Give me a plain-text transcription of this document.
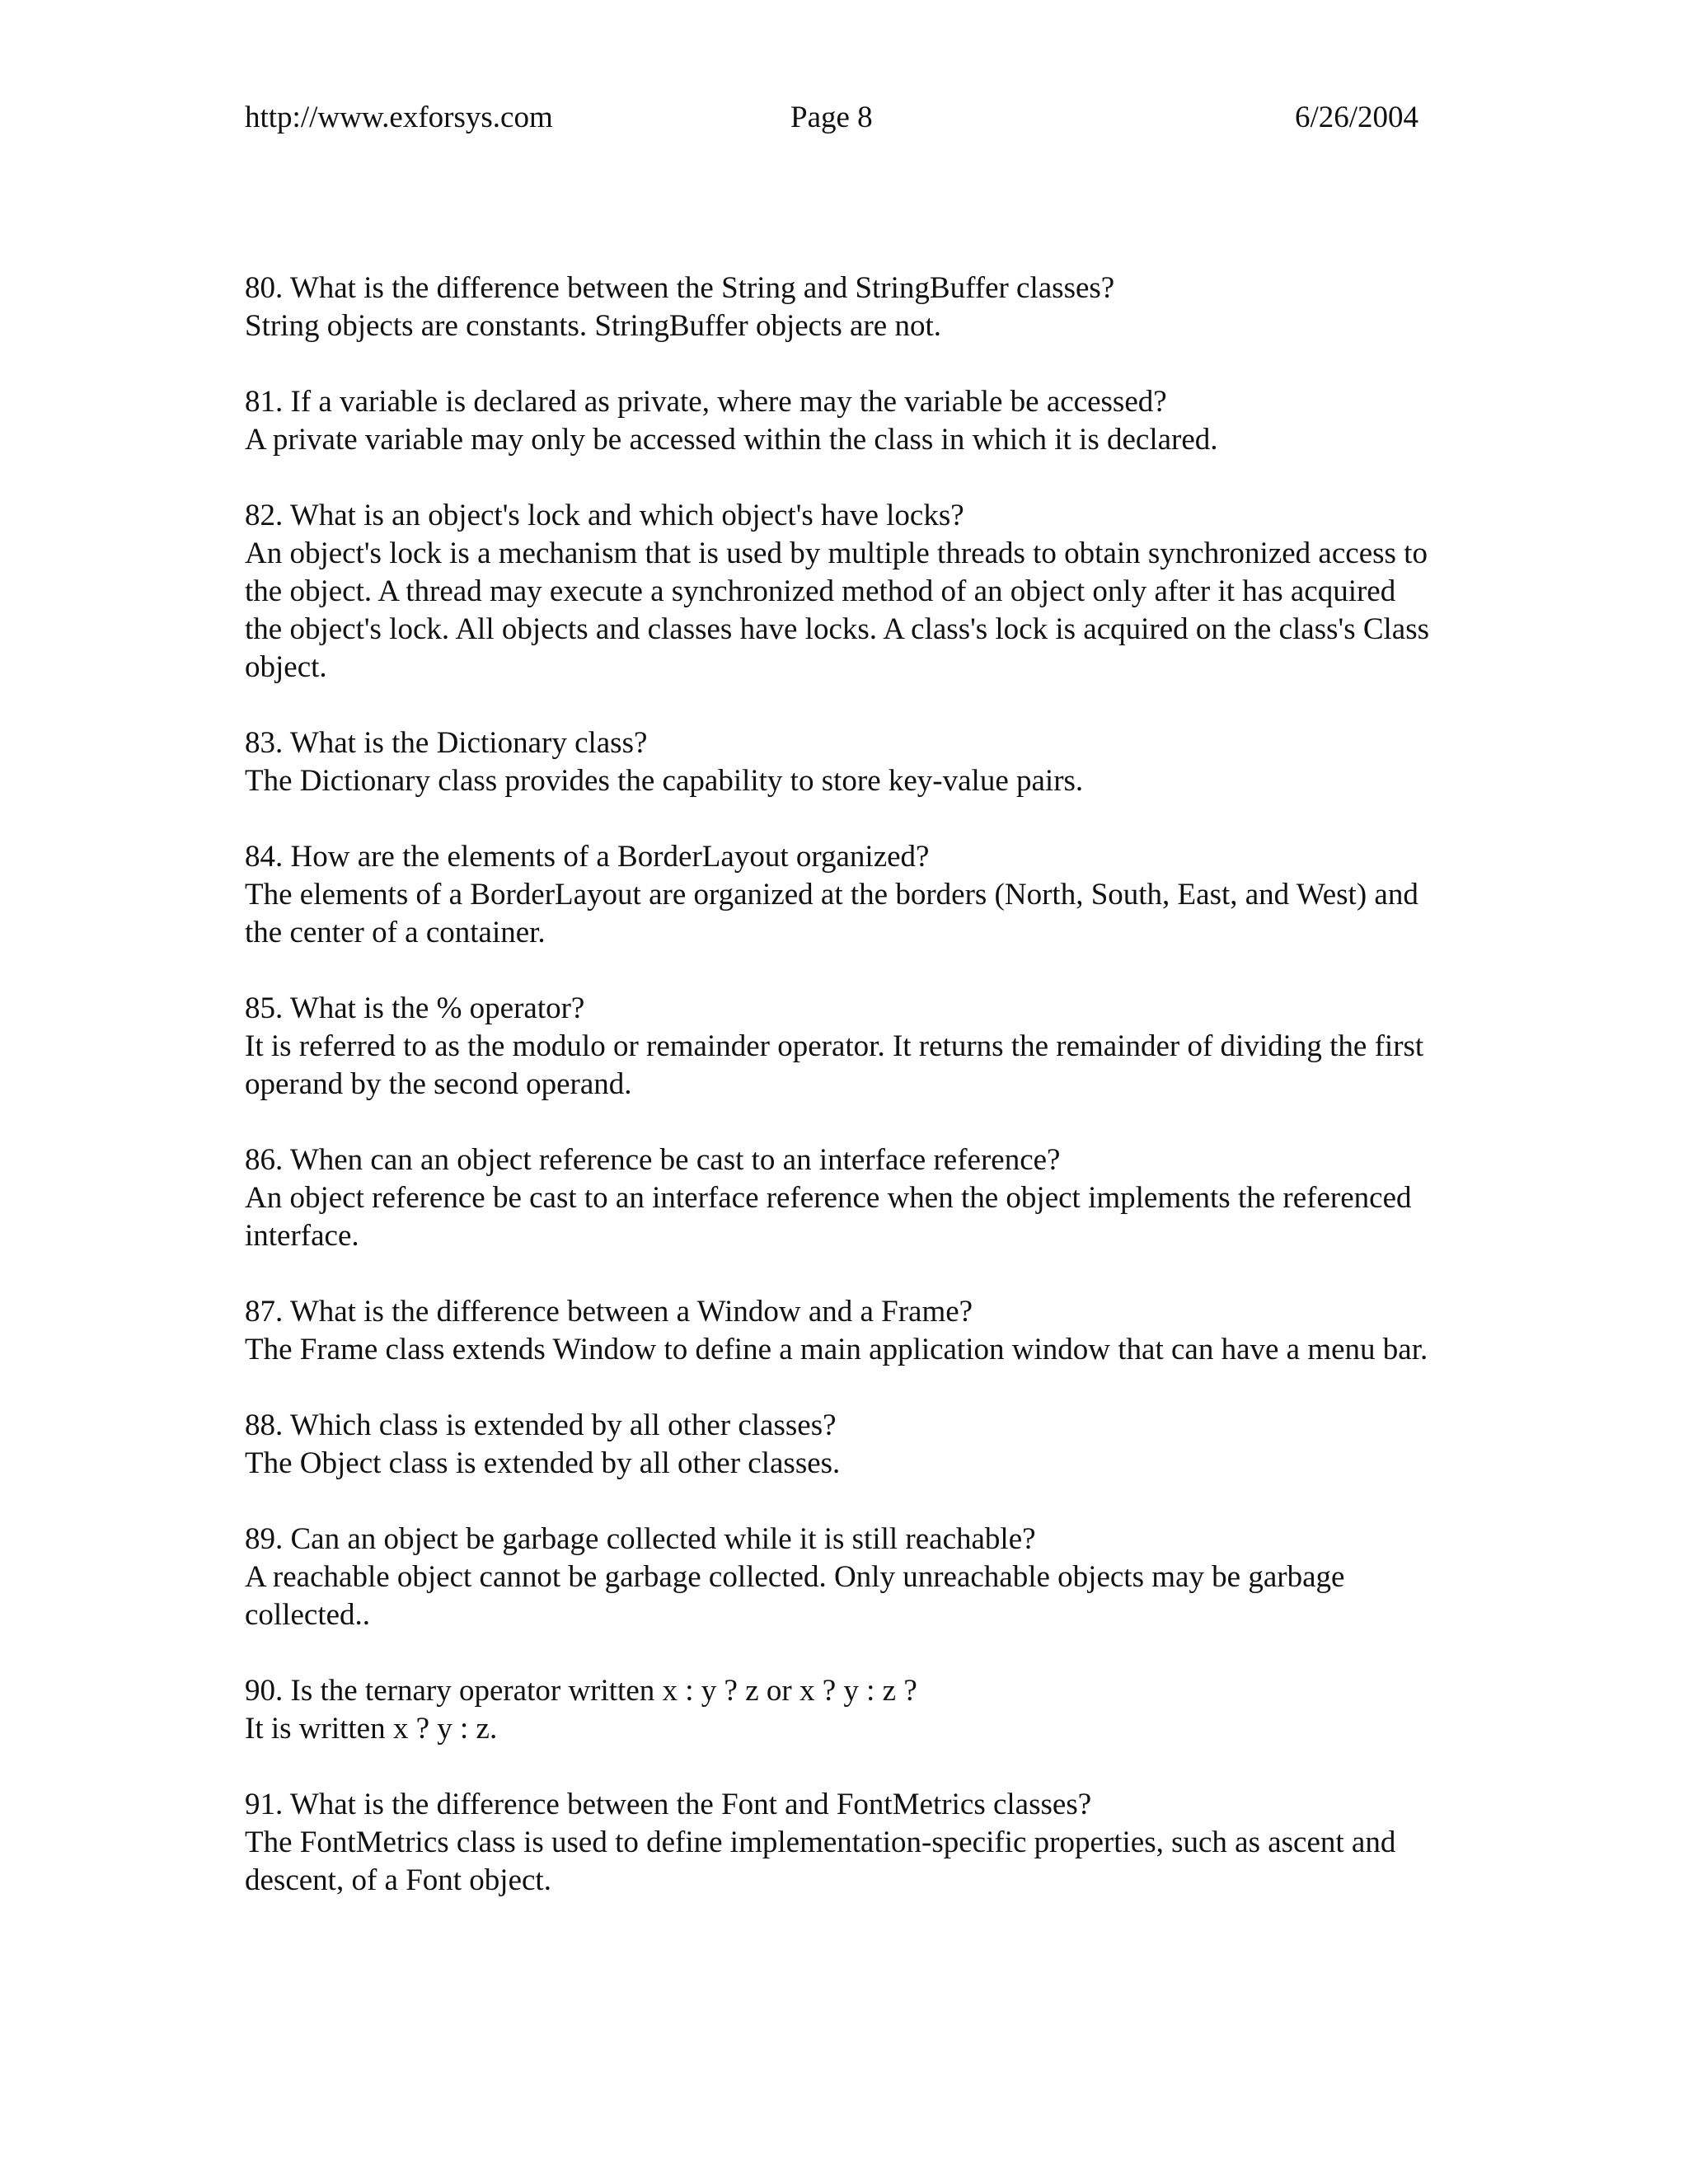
http://www.exforsys.com	Page 8	6/26/2004
80. What is the difference between the String and StringBuffer classes?
String objects are constants. StringBuffer objects are not.
81. If a variable is declared as private, where may the variable be accessed?
A private variable may only be accessed within the class in which it is declared.
82. What is an object's lock and which object's have locks?
An object's lock is a mechanism that is used by multiple threads to obtain synchronized access to the object. A thread may execute a synchronized method of an object only after it has acquired the object's lock. All objects and classes have locks. A class's lock is acquired on the class's Class object.
83. What is the Dictionary class?
The Dictionary class provides the capability to store key-value pairs.
84. How are the elements of a BorderLayout organized?
The elements of a BorderLayout are organized at the borders (North, South, East, and West) and the center of a container.
85. What is the % operator?
It is referred to as the modulo or remainder operator. It returns the remainder of dividing the first operand by the second operand.
86. When can an object reference be cast to an interface reference?
An object reference be cast to an interface reference when the object implements the referenced interface.
87. What is the difference between a Window and a Frame?
The Frame class extends Window to define a main application window that can have a menu bar.
88. Which class is extended by all other classes?
The Object class is extended by all other classes.
89. Can an object be garbage collected while it is still reachable?
A reachable object cannot be garbage collected. Only unreachable objects may be garbage collected..
90. Is the ternary operator written x : y ? z or x ? y : z ?
It is written x ? y : z.
91. What is the difference between the Font and FontMetrics classes?
The FontMetrics class is used to define implementation-specific properties, such as ascent and descent, of a Font object.
